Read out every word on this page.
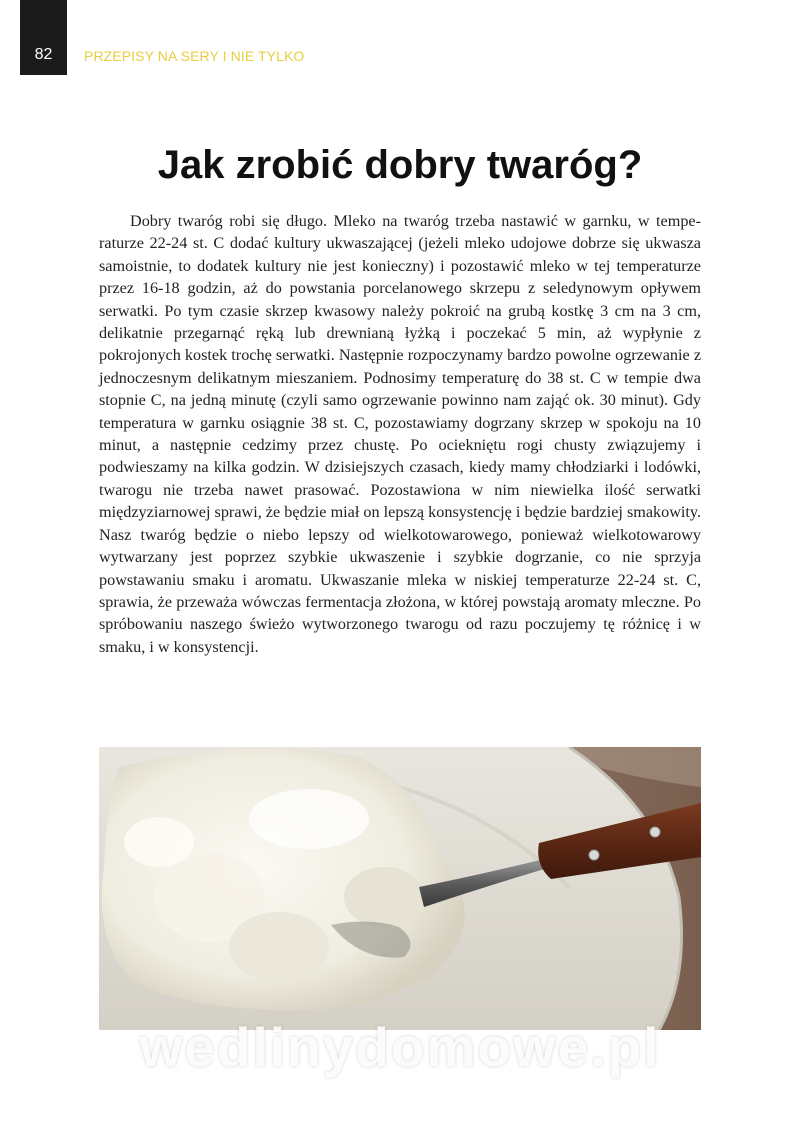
82	PRZEPISY NA SERY I NIE TYLKO
Jak zrobić dobry twaróg?

Dobry twaróg robi się długo. Mleko na twaróg trzeba nastawić w garnku, w temperaturze 22-24 st. C dodać kultury ukwaszającej (jeżeli mleko udojowe dobrze się ukwasza samoistnie, to dodatek kultury nie jest konieczny) i pozostawić mleko w tej temperaturze przez 16-18 godzin, aż do powstania porcelanowego skrzepu z seledynowym opływem serwatki. Po tym czasie skrzep kwasowy należy pokroić na grubą kostkę 3 cm na 3 cm, delikatnie przegarnąć ręką lub drewnianą łyżką i poczekać 5 min, aż wypłynie z pokrojonych kostek trochę serwatki. Następnie rozpoczynamy bardzo powolne ogrzewanie z jednoczesnym delikatnym mieszaniem. Podnosimy temperaturę do 38 st. C w tempie dwa stopnie C, na jedną minutę (czyli samo ogrzewanie powinno nam zająć ok. 30 minut). Gdy temperatura w garnku osiągnie 38 st. C, pozostawiamy dogrzany skrzep w spokoju na 10 minut, a następnie cedzimy przez chustę. Po ociekniętu rogi chusty związujemy i podwieszamy na kilka godzin. W dzisiejszych czasach, kiedy mamy chłodziarki i lodówki, twarogu nie trzeba nawet prasować. Pozostawiona w nim niewielka ilość serwatki międzyziarnowej sprawi, że będzie miał on lepszą konsystencję i będzie bardziej smakowity. Nasz twaróg będzie o niebo lepszy od wielkotowarowego, ponieważ wielkotowarowy wytwarzany jest poprzez szybkie ukwaszenie i szybkie dogrzanie, co nie sprzyja powstawaniu smaku i aromatu. Ukwaszanie mleka w niskiej temperaturze 22-24 st. C, sprawia, że przeważa wówczas fermentacja złożona, w której powstają aromaty mleczne. Po spróbowaniu naszego świeżo wytworzonego twarogu od razu poczujemy tę różnicę i w smaku, i w konsystencji.

wedlinydomowe.pl
